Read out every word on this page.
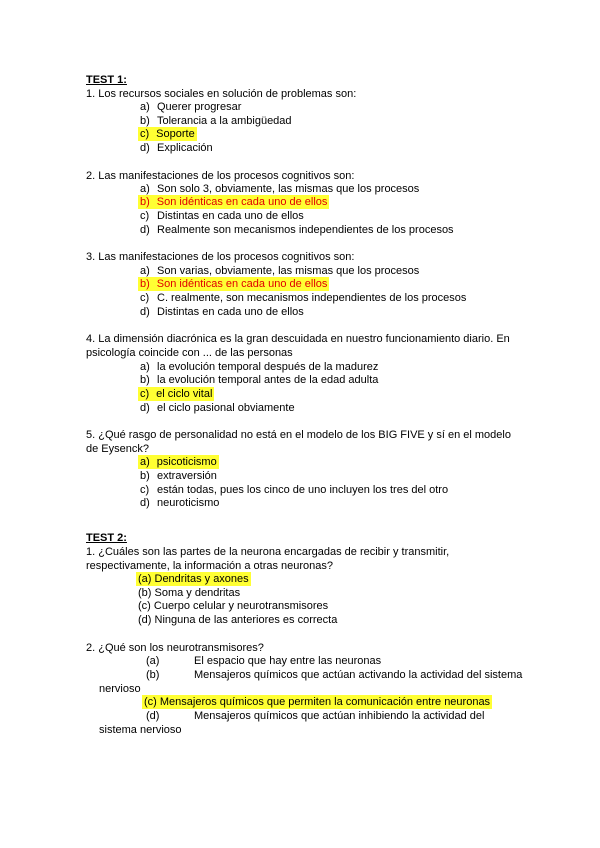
TEST 1:
1. Los recursos sociales en solución de problemas son:
a) Querer progresar
b) Tolerancia a la ambigüedad
c) Soporte
d) Explicación
2. Las manifestaciones de los procesos cognitivos son:
a) Son solo 3, obviamente, las mismas que los procesos
b) Son idénticas en cada uno de ellos
c) Distintas en cada uno de ellos
d) Realmente son mecanismos independientes de los procesos
3. Las manifestaciones de los procesos cognitivos son:
a) Son varias, obviamente, las mismas que los procesos
b) Son idénticas en cada uno de ellos
c) C. realmente, son mecanismos independientes de los procesos
d) Distintas en cada uno de ellos
4. La dimensión diacrónica es la gran descuidada en nuestro funcionamiento diario. En
psicología coincide con ... de las personas
a) la evolución temporal después de la madurez
b) la evolución temporal antes de la edad adulta
c) el ciclo vital
d) el ciclo pasional obviamente
5. ¿Qué rasgo de personalidad no está en el modelo de los BIG FIVE y sí en el modelo
de Eysenck?
a) psicoticismo
b) extraversión
c) están todas, pues los cinco de uno incluyen los tres del otro
d) neuroticismo
TEST 2:
1. ¿Cuáles son las partes de la neurona encargadas de recibir y transmitir,
respectivamente, la información a otras neuronas?
(a) Dendritas y axones
(b) Soma y dendritas
(c) Cuerpo celular y neurotransmisores
(d) Ninguna de las anteriores es correcta
2. ¿Qué son los neurotransmisores?
(a)	El espacio que hay entre las neuronas
(b)	Mensajeros químicos que actúan activando la actividad del sistema
nervioso
(c) Mensajeros químicos que permiten la comunicación entre neuronas
(d)	Mensajeros químicos que actúan inhibiendo la actividad del
sistema nervioso
